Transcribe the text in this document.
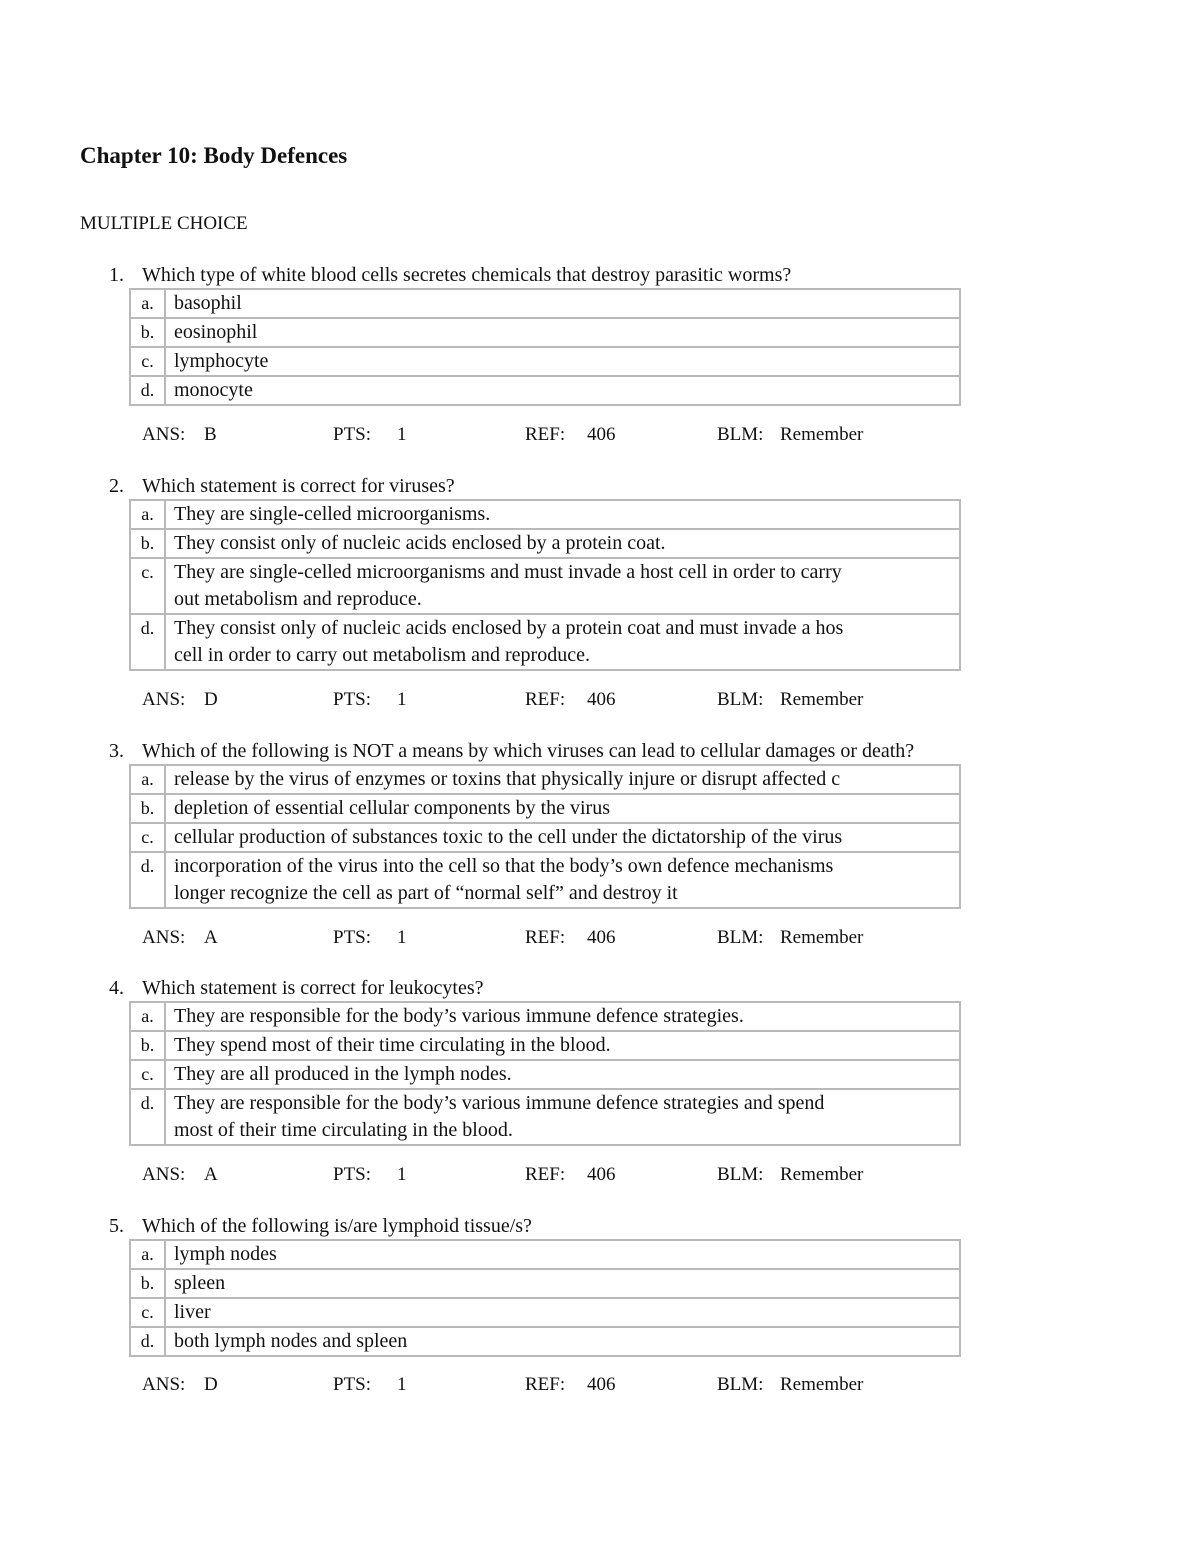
Chapter 10: Body Defences
MULTIPLE CHOICE
1. Which type of white blood cells secretes chemicals that destroy parasitic worms?
a.	basophil
b. eosinophil
c.	lymphocyte
d. monocyte
ANS: B	PTS: 1	REF: 406	BLM: Remember
2. Which statement is correct for viruses?
a.	They are single-celled microorganisms.
b. They consist only of nucleic acids enclosed by a protein coat.
c.	They are single-celled microorganisms and must invade a host cell in order to carry
out metabolism and reproduce.
d. They consist only of nucleic acids enclosed by a protein coat and must invade a hos
cell in order to carry out metabolism and reproduce.
ANS: D	PTS: 1	REF: 406	BLM: Remember
3. Which of the following is NOT a means by which viruses can lead to cellular damages or death?
a.	release by the virus of enzymes or toxins that physically injure or disrupt affected c
b. depletion of essential cellular components by the virus
c.	cellular production of substances toxic to the cell under the dictatorship of the virus
d. incorporation of the virus into the cell so that the body’s own defence mechanisms
longer recognize the cell as part of “normal self” and destroy it
ANS: A	PTS: 1	REF: 406	BLM: Remember
4. Which statement is correct for leukocytes?
a.	They are responsible for the body’s various immune defence strategies.
b. They spend most of their time circulating in the blood.
c.	They are all produced in the lymph nodes.
d. They are responsible for the body’s various immune defence strategies and spend
most of their time circulating in the blood.
ANS: A	PTS: 1	REF: 406	BLM: Remember
5. Which of the following is/are lymphoid tissue/s?
a.	lymph nodes
b. spleen
c.	liver
d. both lymph nodes and spleen
ANS: D	PTS: 1	REF: 406	BLM: Remember
